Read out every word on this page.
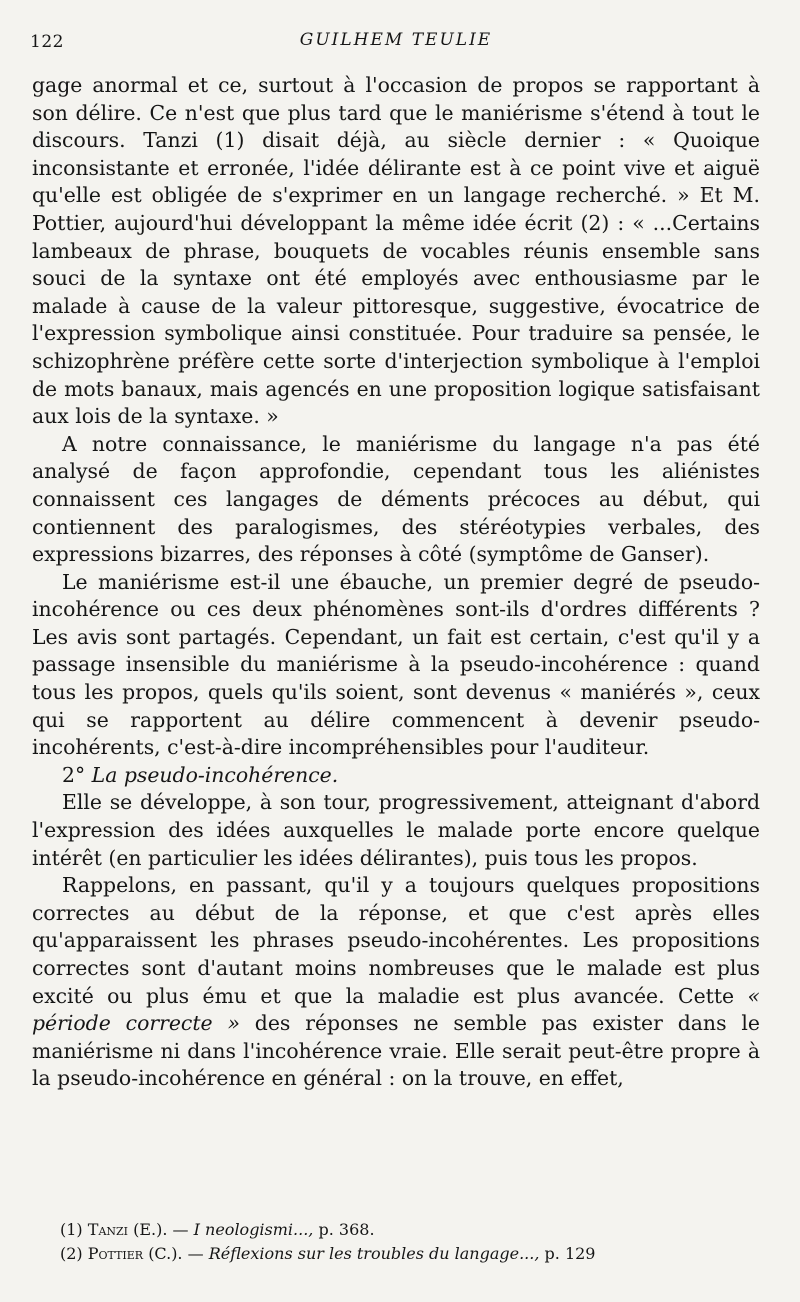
122	GUILHEM TEULIE

gage anormal et ce, surtout à l'occasion de propos se rapportant à son délire. Ce n'est que plus tard que le maniérisme s'étend à tout le discours. Tanzi (1) disait déjà, au siècle dernier : « Quoique inconsistante et erronée, l'idée délirante est à ce point vive et aiguë qu'elle est obligée de s'exprimer en un langage recherché. » Et M. Pottier, aujourd'hui développant la même idée écrit (2) : « ...Certains lambeaux de phrase, bouquets de vocables réunis ensemble sans souci de la syntaxe ont été employés avec enthousiasme par le malade à cause de la valeur pittoresque, suggestive, évocatrice de l'expression symbolique ainsi constituée. Pour traduire sa pensée, le schizophrène préfère cette sorte d'interjection symbolique à l'emploi de mots banaux, mais agencés en une proposition logique satisfaisant aux lois de la syntaxe. »

A notre connaissance, le maniérisme du langage n'a pas été analysé de façon approfondie, cependant tous les aliénistes connaissent ces langages de déments précoces au début, qui contiennent des paralogismes, des stéréotypies verbales, des expressions bizarres, des réponses à côté (symptôme de Ganser).

Le maniérisme est-il une ébauche, un premier degré de pseudo-incohérence ou ces deux phénomènes sont-ils d'ordres différents ? Les avis sont partagés. Cependant, un fait est certain, c'est qu'il y a passage insensible du maniérisme à la pseudo-incohérence : quand tous les propos, quels qu'ils soient, sont devenus « maniérés », ceux qui se rapportent au délire commencent à devenir pseudo-incohérents, c'est-à-dire incompréhensibles pour l'auditeur.

2° La pseudo-incohérence.

Elle se développe, à son tour, progressivement, atteignant d'abord l'expression des idées auxquelles le malade porte encore quelque intérêt (en particulier les idées délirantes), puis tous les propos.

Rappelons, en passant, qu'il y a toujours quelques propositions correctes au début de la réponse, et que c'est après elles qu'apparaissent les phrases pseudo-incohérentes. Les propositions correctes sont d'autant moins nombreuses que le malade est plus excité ou plus ému et que la maladie est plus avancée. Cette « période correcte » des réponses ne semble pas exister dans le maniérisme ni dans l'incohérence vraie. Elle serait peut-être propre à la pseudo-incohérence en général : on la trouve, en effet,

(1) Tanzi (E.). — I neologismi..., p. 368.

(2) Pottier (C.). — Réflexions sur les troubles du langage..., p. 129
